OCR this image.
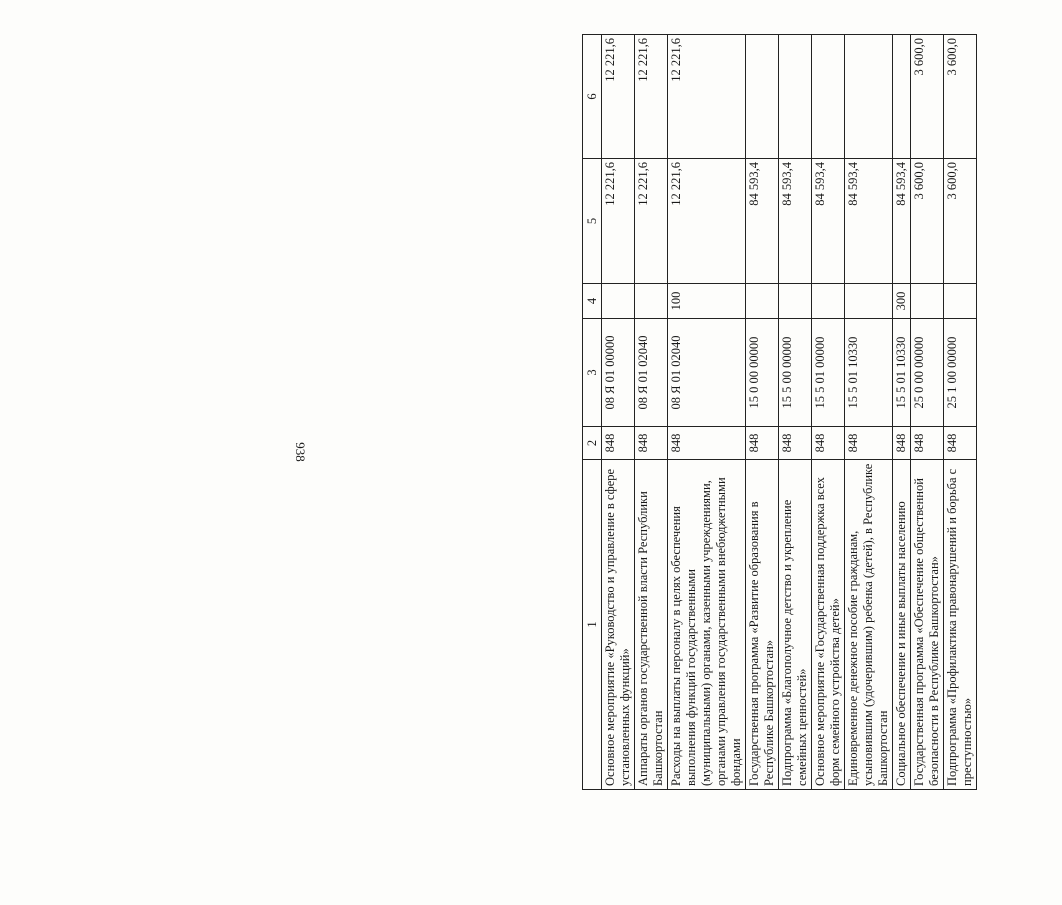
938
1	2	3	4	5	6
Основное мероприятие «Руководство и управление в сфере установленных функций»	848	08 Я 01 00000		12 221,6	12 221,6
Аппараты органов государственной власти Республики Башкортостан	848	08 Я 01 02040		12 221,6	12 221,6
Расходы на выплаты персоналу в целях обеспечения выполнения функций государственными (муниципальными) органами, казенными учреждениями, органами управления государственными внебюджетными фондами	848	08 Я 01 02040	100	12 221,6	12 221,6
Государственная программа «Развитие образования в Республике Башкортостан»	848	15 0 00 00000		84 593,4	
Подпрограмма «Благополучное детство и укрепление семейных ценностей»	848	15 5 00 00000		84 593,4	
Основное мероприятие «Государственная поддержка всех форм семейного устройства детей»	848	15 5 01 00000		84 593,4	
Единовременное денежное пособие гражданам, усыновившим (удочерившим) ребенка (детей), в Республике Башкортостан	848	15 5 01 10330		84 593,4	
Социальное обеспечение и иные выплаты населению	848	15 5 01 10330	300	84 593,4	
Государственная программа «Обеспечение общественной безопасности в Республике Башкортостан»	848	25 0 00 00000		3 600,0	3 600,0
Подпрограмма «Профилактика правонарушений и борьба с преступностью»	848	25 1 00 00000		3 600,0	3 600,0
